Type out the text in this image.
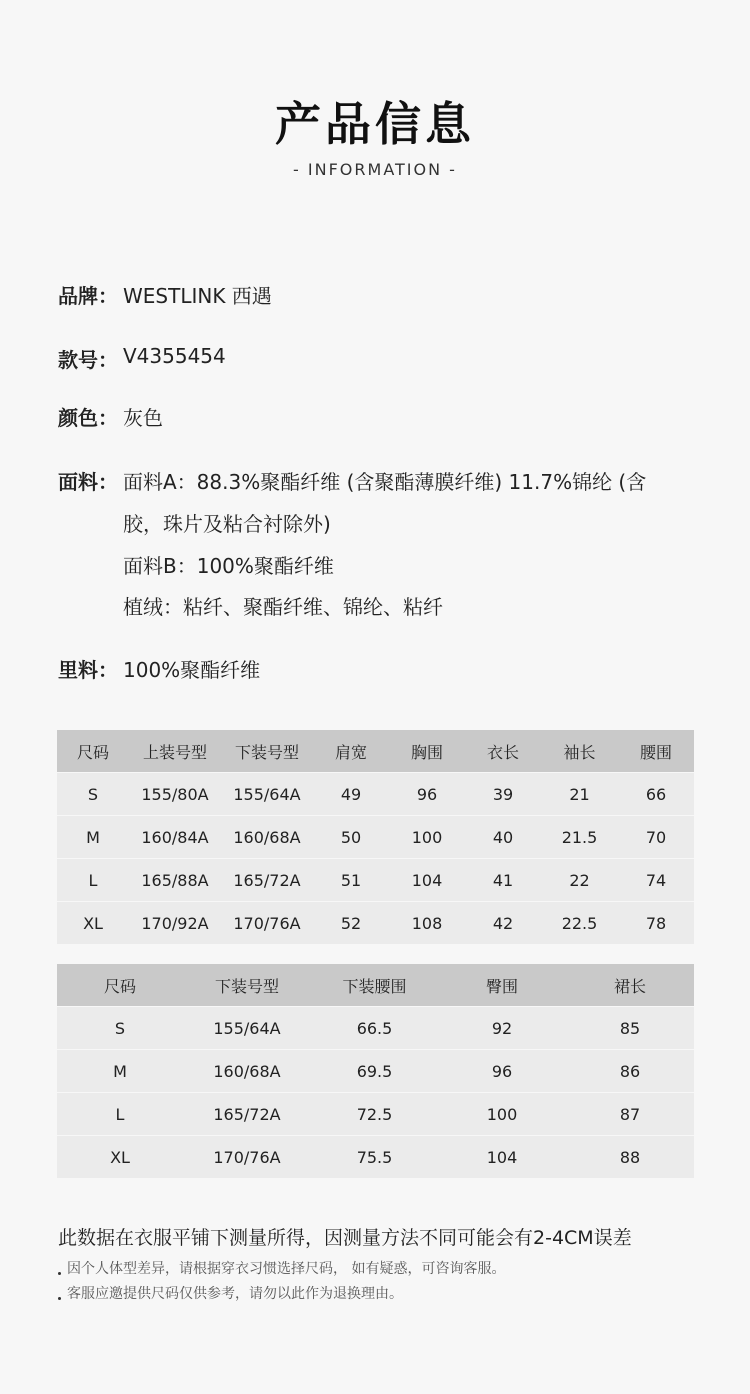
产品信息
- INFORMATION -
品牌： WESTLINK 西遇
款号： V4355454
颜色： 灰色
面料： 面料A：88.3%聚酯纤维 (含聚酯薄膜纤维) 11.7%锦纶 (含
胶，珠片及粘合衬除外)
面料B：100%聚酯纤维
植绒：粘纤、聚酯纤维、锦纶、粘纤
里料： 100%聚酯纤维
尺码	上装号型	下装号型	肩宽	胸围	衣长	袖长	腰围
S	155/80A	155/64A	49	96	39	21	66
M	160/84A	160/68A	50	100	40	21.5	70
L	165/88A	165/72A	51	104	41	22	74
XL	170/92A	170/76A	52	108	42	22.5	78
尺码	下装号型	下装腰围	臀围	裙长
S	155/64A	66.5	92	85
M	160/68A	69.5	96	86
L	165/72A	72.5	100	87
XL	170/76A	75.5	104	88
此数据在衣服平铺下测量所得，因测量方法不同可能会有2-4CM误差
因个人体型差异，请根据穿衣习惯选择尺码， 如有疑惑，可咨询客服。
客服应邀提供尺码仅供参考，请勿以此作为退换理由。
